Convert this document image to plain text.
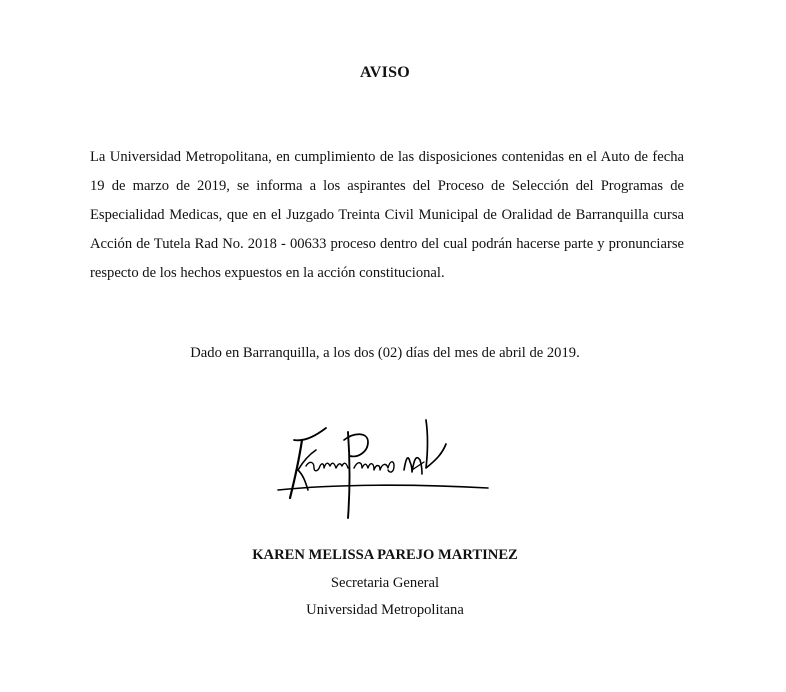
AVISO
La Universidad Metropolitana, en cumplimiento de las disposiciones contenidas en el Auto de fecha 19 de marzo de 2019, se informa a los aspirantes del Proceso de Selección del Programas de Especialidad Medicas, que en el Juzgado Treinta Civil Municipal de Oralidad de Barranquilla cursa Acción de Tutela Rad No. 2018 - 00633 proceso dentro del cual podrán hacerse parte y pronunciarse respecto de los hechos expuestos en la acción constitucional.
Dado en Barranquilla, a los dos (02) días del mes de abril de 2019.
KAREN MELISSA PAREJO MARTINEZ
Secretaria General
Universidad Metropolitana
